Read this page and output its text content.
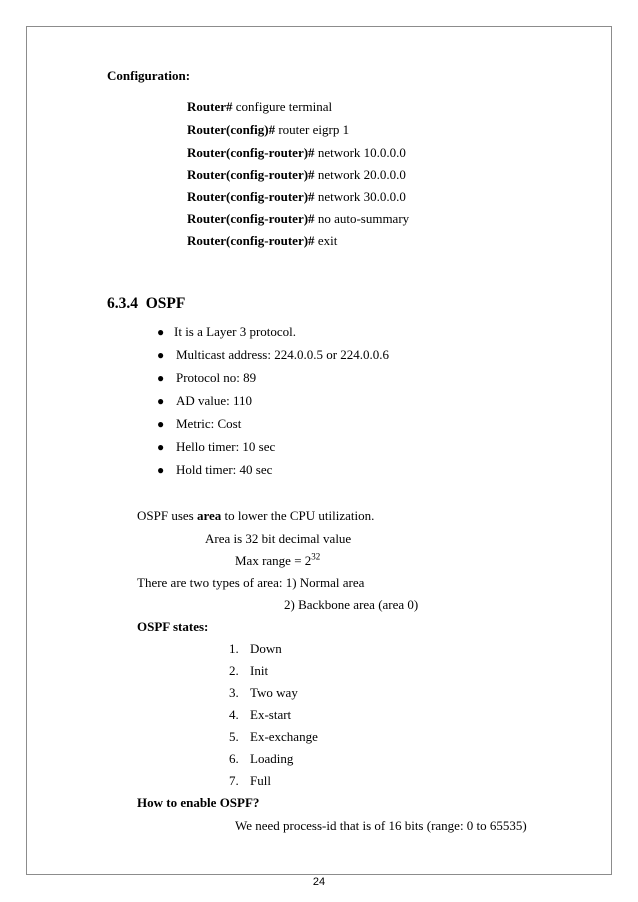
Configuration:
Router# configure terminal
Router(config)# router eigrp 1
Router(config-router)# network 10.0.0.0
Router(config-router)# network 20.0.0.0
Router(config-router)# network 30.0.0.0
Router(config-router)# no auto-summary
Router(config-router)# exit
6.3.4 OSPF
● It is a Layer 3 protocol.
● Multicast address: 224.0.0.5 or 224.0.0.6
● Protocol no: 89
● AD value: 110
● Metric: Cost
● Hello timer: 10 sec
● Hold timer: 40 sec
OSPF uses area to lower the CPU utilization.
Area is 32 bit decimal value
Max range = $2^{32}$
There are two types of area: 1) Normal area
2) Backbone area (area 0)
OSPF states:
1. Down
2. Init
3. Two way
4. Ex-start
5. Ex-exchange
6. Loading
7. Full
How to enable OSPF?
We need process-id that is of 16 bits (range: 0 to 65535)
24
